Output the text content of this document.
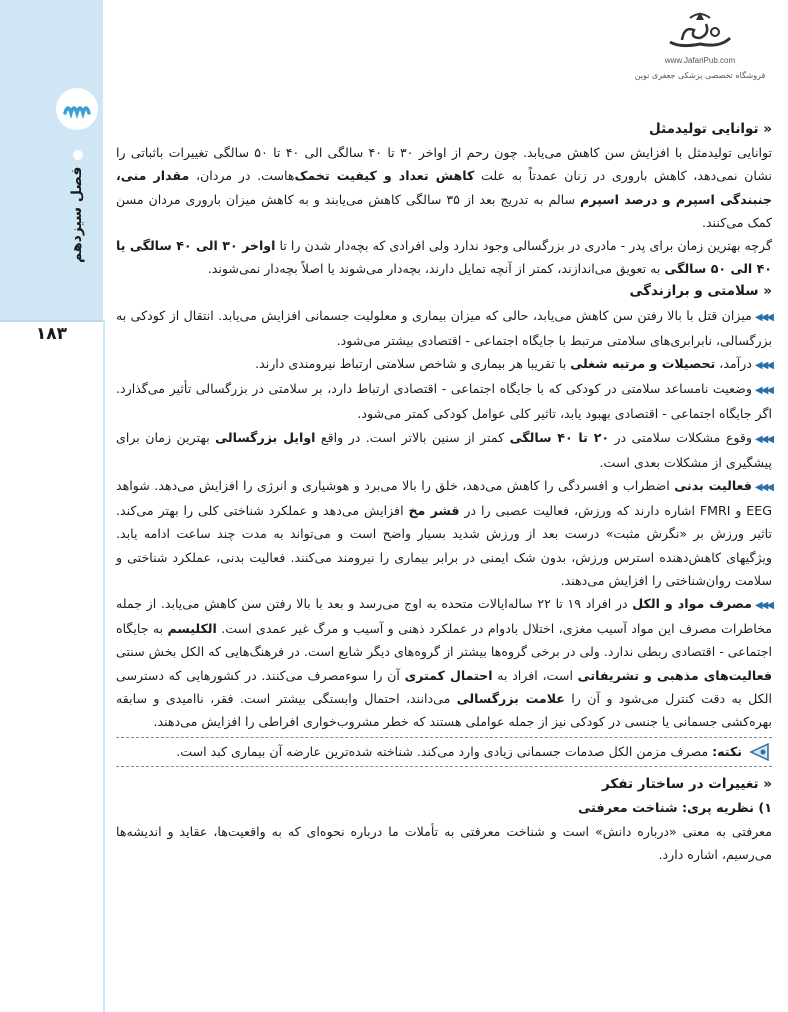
۱۸۳
فصل سیزدهم
www.JafariPub.com
فروشگاه تخصصی پزشکی جعفری نوین

« توانایی تولیدمثل

توانایی تولیدمثل با افزایش سن کاهش می‌یابد. چون رحم از اواخر ۳۰ تا ۴۰ سالگی الی ۴۰ تا ۵۰ سالگی تغییرات باثباتی را نشان نمی‌دهد، کاهش باروری در زنان عمدتاً به علت کاهش تعداد و کیفیت تخمک‌هاست. در مردان، مقدار منی، جنبندگی اسپرم و درصد اسپرم سالم به تدریج بعد از ۳۵ سالگی کاهش می‌یابند و به کاهش میزان باروری مردان مسن کمک می‌کنند.

گرچه بهترین زمان برای پدر - مادری در بزرگسالی وجود ندارد ولی افرادی که بچه‌دار شدن را تا اواخر ۳۰ الی ۴۰ سالگی یا ۴۰ الی ۵۰ سالگی به تعویق می‌اندازند، کمتر از آنچه تمایل دارند، بچه‌دار می‌شوند یا اصلاً بچه‌دار نمی‌شوند.

« سلامتی و برازندگی

◀◀◀میزان قتل با بالا رفتن سن کاهش می‌یابد، حالی که میزان بیماری و معلولیت جسمانی افزایش می‌یابد. انتقال از کودکی به بزرگسالی، نابرابری‌های سلامتی مرتبط با جایگاه اجتماعی - اقتصادی بیشتر می‌شود.

◀◀◀درآمد، تحصیلات و مرتبه شغلی با تقریبا هر بیماری و شاخص سلامتی ارتباط نیرومندی دارند.

◀◀◀وضعیت نامساعد سلامتی در کودکی که با جایگاه اجتماعی - اقتصادی ارتباط دارد، بر سلامتی در بزرگسالی تأثیر می‌گذارد. اگر جایگاه اجتماعی - اقتصادی بهبود یابد، تاثیر کلی عوامل کودکی کمتر می‌شود.

◀◀◀وقوع مشکلات سلامتی در ۲۰ تا ۴۰ سالگی کمتر از سنین بالاتر است. در واقع اوایل بزرگسالی بهترین زمان برای پیشگیری از مشکلات بعدی است.

◀◀◀فعالیت بدنی اضطراب و افسردگی را کاهش می‌دهد، خلق را بالا می‌برد و هوشیاری و انرژی را افزایش می‌دهد. شواهد EEG و FMRI اشاره دارند که ورزش، فعالیت عصبی را در قشر مخ افزایش می‌دهد و عملکرد شناختی کلی را بهتر می‌کند. تاثیر ورزش بر «نگرش مثبت» درست بعد از ورزش شدید بسیار واضح است و می‌تواند به مدت چند ساعت ادامه یابد. ویژگیهای کاهش‌دهنده استرس ورزش، بدون شک ایمنی در برابر بیماری را نیرومند می‌کنند. فعالیت بدنی، عملکرد شناختی و سلامت روان‌شناختی را افزایش می‌دهند.

◀◀◀مصرف مواد و الکل در افراد ۱۹ تا ۲۲ ساله‌ایالات متحده به اوج می‌رسد و بعد با بالا رفتن سن کاهش می‌یابد. از جمله مخاطرات مصرف این مواد آسیب مغزی، اختلال بادوام در عملکرد ذهنی و آسیب و مرگ غیر عمدی است. الکلیسم به جایگاه اجتماعی - اقتصادی ربطی ندارد. ولی در برخی گروه‌ها بیشتر از گروه‌های دیگر شایع است. در فرهنگ‌هایی که الکل بخش سنتی فعالیت‌های مذهبی و تشریفاتی است، افراد به احتمال کمتری آن را سوءمصرف می‌کنند. در کشورهایی که دسترسی الکل به دقت کنترل می‌شود و آن را علامت بزرگسالی می‌دانند، احتمال وابستگی بیشتر است. فقر، ناامیدی و سابقه بهره‌کشی جسمانی یا جنسی در کودکی نیز از جمله عواملی هستند که خطر مشروب‌خواری افراطی را افزایش می‌دهند.

نکته: مصرف مزمن الکل صدمات جسمانی زیادی وارد می‌کند. شناخته شده‌ترین عارضه آن بیماری کبد است.

« تغییرات در ساختار تفکر

۱) نظریه پری: شناخت معرفتی

معرفتی به معنی «درباره دانش» است و شناخت معرفتی به تأملات ما درباره نحوه‌ای که به واقعیت‌ها، عقاید و اندیشه‌ها می‌رسیم، اشاره دارد.
